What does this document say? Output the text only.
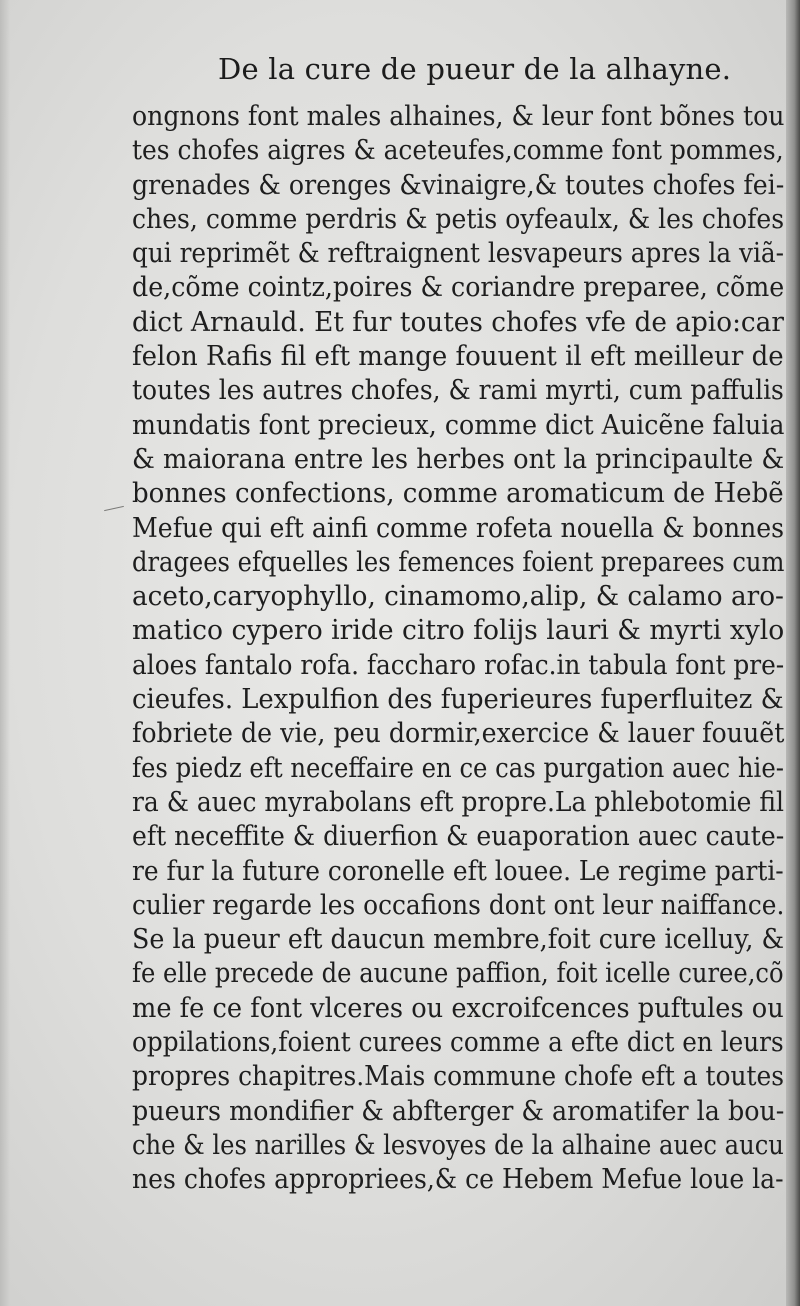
De la cure de pueur de la alhayne.
ongnons font males alhaines, & leur font bõnes tou
tes chofes aigres & aceteufes,comme font pommes,
grenades & orenges &vinaigre,& toutes chofes fei-
ches, comme perdris & petis oyfeaulx, & les chofes
qui reprimẽt & reftraignent lesvapeurs apres la viã-
de,cõme cointz,poires & coriandre preparee, cõme
dict Arnauld. Et fur toutes chofes vfe de apio:car
felon Rafis fil eft mange fouuent il eft meilleur de
toutes les autres chofes, & rami myrti, cum paffulis
mundatis font precieux, comme dict Auicẽne faluia
& maiorana entre les herbes ont la principaulte &
bonnes confections, comme aromaticum de Hebẽ
Mefue qui eft ainfi comme rofeta nouella & bonnes
dragees efquelles les femences foient preparees cum
aceto,caryophyllo, cinamomo,alip, & calamo aro-
matico cypero iride citro folijs lauri & myrti xylo
aloes fantalo rofa. faccharo rofac.in tabula font pre-
cieufes. Lexpulfion des fuperieures fuperfluitez &
fobriete de vie, peu dormir,exercice & lauer fouuẽt
fes piedz eft neceffaire en ce cas purgation auec hie-
ra & auec myrabolans eft propre.La phlebotomie fil
eft neceffite & diuerfion & euaporation auec caute-
re fur la future coronelle eft louee. Le regime parti-
culier regarde les occafions dont ont leur naiffance.
Se la pueur eft daucun membre,foit cure icelluy, &
fe elle precede de aucune paffion, foit icelle curee,cõ
me fe ce font vlceres ou excroifcences puftules ou
oppilations,foient curees comme a efte dict en leurs
propres chapitres.Mais commune chofe eft a toutes
pueurs mondifier & abfterger & aromatifer la bou-
che & les narilles & lesvoyes de la alhaine auec aucu
nes chofes appropriees,& ce Hebem Mefue loue la-
